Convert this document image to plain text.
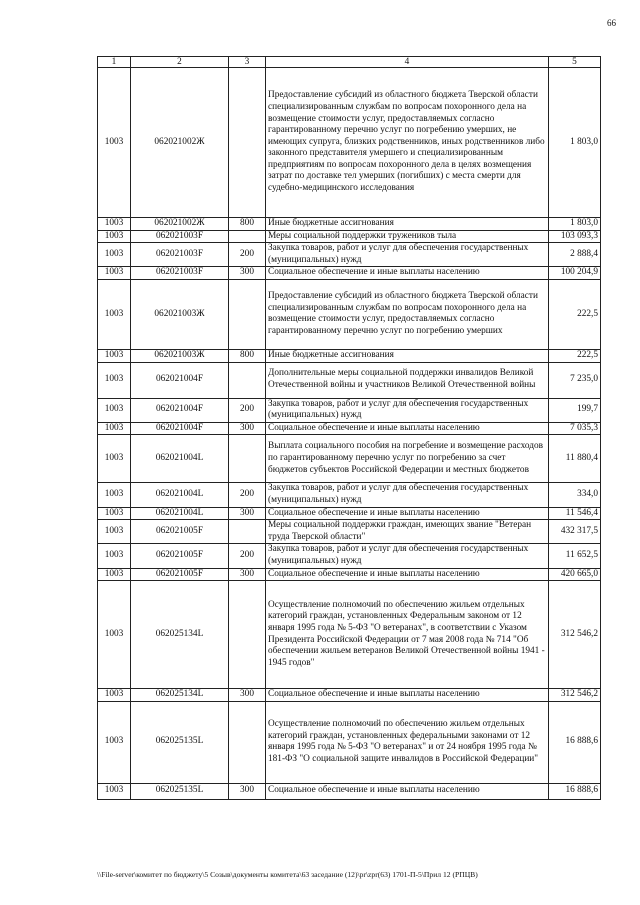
66
1	2	3	4	5
1003	062021002Ж		Предоставление субсидий из областного бюджета Тверской области специализированным службам по вопросам похоронного дела на возмещение стоимости услуг, предоставляемых согласно гарантированному перечню услуг по погребению умерших, не имеющих супруга, близких родственников, иных родственников либо законного представителя умершего и специализированным предприятиям по вопросам похоронного дела в целях возмещения затрат по доставке тел умерших (погибших) с места смерти для судебно-медицинского исследования	1 803,0
1003	062021002Ж	800	Иные бюджетные ассигнования	1 803,0
1003	062021003F		Меры социальной поддержки тружеников тыла	103 093,3
1003	062021003F	200	Закупка товаров, работ и услуг для обеспечения государственных (муниципальных) нужд	2 888,4
1003	062021003F	300	Социальное обеспечение и иные выплаты населению	100 204,9
1003	062021003Ж		Предоставление субсидий из областного бюджета Тверской области специализированным службам по вопросам похоронного дела на возмещение стоимости услуг, предоставляемых согласно гарантированному перечню услуг по погребению умерших	222,5
1003	062021003Ж	800	Иные бюджетные ассигнования	222,5
1003	062021004F		Дополнительные меры социальной поддержки инвалидов Великой Отечественной войны и участников Великой Отечественной войны	7 235,0
1003	062021004F	200	Закупка товаров, работ и услуг для обеспечения государственных (муниципальных) нужд	199,7
1003	062021004F	300	Социальное обеспечение и иные выплаты населению	7 035,3
1003	062021004L		Выплата социального пособия на погребение и возмещение расходов по гарантированному перечню услуг по погребению за счет бюджетов субъектов Российской Федерации и местных бюджетов	11 880,4
1003	062021004L	200	Закупка товаров, работ и услуг для обеспечения государственных (муниципальных) нужд	334,0
1003	062021004L	300	Социальное обеспечение и иные выплаты населению	11 546,4
1003	062021005F		Меры социальной поддержки граждан, имеющих звание "Ветеран труда Тверской области"	432 317,5
1003	062021005F	200	Закупка товаров, работ и услуг для обеспечения государственных (муниципальных) нужд	11 652,5
1003	062021005F	300	Социальное обеспечение и иные выплаты населению	420 665,0
1003	062025134L		Осуществление полномочий по обеспечению жильем отдельных категорий граждан, установленных Федеральным законом от 12 января 1995 года № 5-ФЗ "О ветеранах", в соответствии с Указом Президента Российской Федерации от 7 мая 2008 года № 714 "Об обеспечении жильем ветеранов Великой Отечественной войны 1941 - 1945 годов"	312 546,2
1003	062025134L	300	Социальное обеспечение и иные выплаты населению	312 546,2
1003	062025135L		Осуществление полномочий по обеспечению жильем отдельных категорий граждан, установленных федеральными законами от 12 января 1995 года № 5-ФЗ "О ветеранах" и от 24 ноября 1995 года № 181-ФЗ "О социальной защите инвалидов в Российской Федерации"	16 888,6
1003	062025135L	300	Социальное обеспечение и иные выплаты населению	16 888,6
\\File-server\комитет по бюджету\5 Созыв\документы комитета\63 заседание (12)\pr\zpr(63) 1701-П-5\Прил 12 (РПЦВ)
